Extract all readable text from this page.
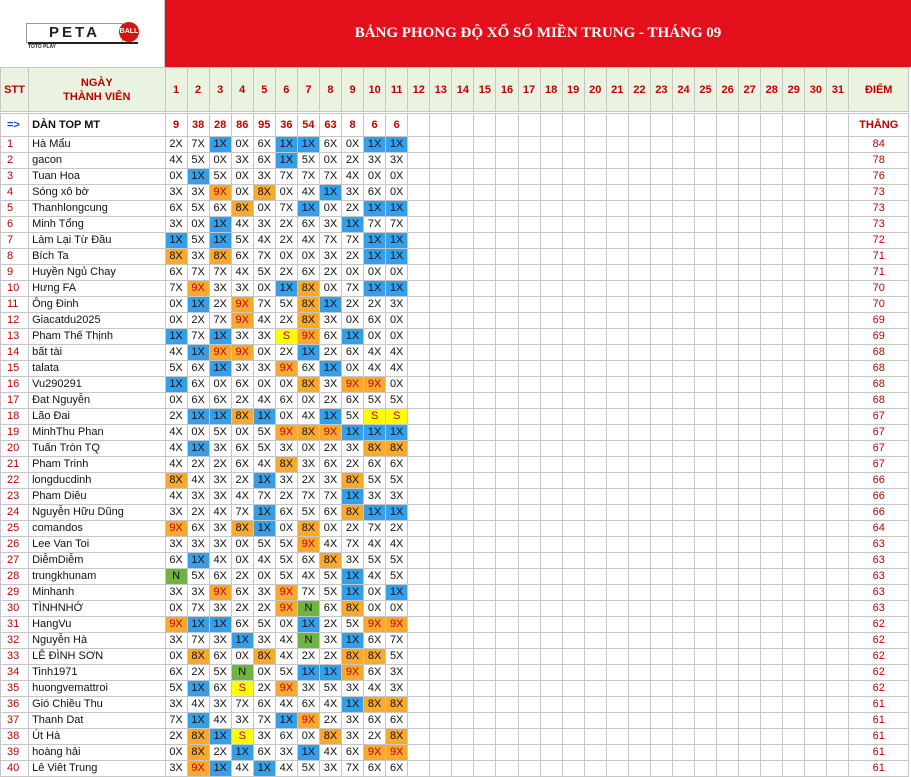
PETA	BALL
TOTO PLAY
BẢNG PHONG ĐỘ XỔ SỐ MIỀN TRUNG - THÁNG 09
STT	NGÀY
THÀNH VIÊN	1	2	3	4	5	6	7	8	9	10	11	12	13	14	15	16	17	18	19	20	21	22	23	24	25	26	27	28	29	30	31	ĐIỂM

=>	DÀN TOP MT	9	38	28	86	95	36	54	63	8	6	6																					THẮNG
1	Hà Mẩu	2X	7X	1X	0X	6X	1X	1X	6X	0X	1X	1X																					84
2	gacon	4X	5X	0X	3X	6X	1X	5X	0X	2X	3X	3X																					78
3	Tuan Hoa	0X	1X	5X	0X	3X	7X	7X	7X	4X	0X	0X																					76
4	Sóng xô bờ	3X	3X	9X	0X	8X	0X	4X	1X	3X	6X	0X																					73
5	Thanhlongcung	6X	5X	6X	8X	0X	7X	1X	0X	2X	1X	1X																					73
6	Minh Tổng	3X	0X	1X	4X	3X	2X	6X	3X	1X	7X	7X																					73
7	Làm Lại Từ Đầu	1X	5X	1X	5X	4X	2X	4X	7X	7X	1X	1X																					72
8	Bích Ta	8X	3X	8X	6X	7X	0X	0X	3X	2X	1X	1X																					71
9	Huyền Ngủ Chay	6X	7X	7X	4X	5X	2X	6X	2X	0X	0X	0X																					71
10	Hưng FA	7X	9X	3X	3X	0X	1X	8X	0X	7X	1X	1X																					70
11	Ông Đinh	0X	1X	2X	9X	7X	5X	8X	1X	2X	2X	3X																					70
12	Giacatdu2025	0X	2X	7X	9X	4X	2X	8X	3X	0X	6X	0X																					69
13	Pham Thế Thịnh	1X	7X	1X	3X	3X	S	9X	6X	1X	0X	0X																					69
14	bất tài	4X	1X	9X	9X	0X	2X	1X	2X	6X	4X	4X																					68
15	talata	5X	6X	1X	3X	3X	9X	6X	1X	0X	4X	4X																					68
16	Vu290291	1X	6X	0X	6X	0X	0X	8X	3X	9X	9X	0X																					68
17	Đat Nguyễn	0X	6X	6X	2X	4X	6X	0X	2X	6X	5X	5X																					68
18	Lão Đai	2X	1X	1X	8X	1X	0X	4X	1X	5X	S	S																					67
19	MinhThu Phan	4X	0X	5X	0X	5X	9X	8X	9X	1X	1X	1X																					67
20	Tuấn Tròn TQ	4X	1X	3X	6X	5X	3X	0X	2X	3X	8X	8X																					67
21	Pham Trinh	4X	2X	2X	6X	4X	8X	3X	6X	2X	6X	6X																					67
22	longducdinh	8X	4X	3X	2X	1X	3X	2X	3X	8X	5X	5X																					66
23	Pham Diêu	4X	3X	3X	4X	7X	2X	7X	7X	1X	3X	3X																					66
24	Nguyễn Hữu Dũng	3X	2X	4X	7X	1X	6X	5X	6X	8X	1X	1X																					66
25	comandos	9X	6X	3X	8X	1X	0X	8X	0X	2X	7X	2X																					64
26	Lee Van Toi	3X	3X	3X	0X	5X	5X	9X	4X	7X	4X	4X																					63
27	DiễmDiễm	6X	1X	4X	0X	4X	5X	6X	8X	3X	5X	5X																					63
28	trungkhunam	N	5X	6X	2X	0X	5X	4X	5X	1X	4X	5X																					63
29	Minhanh	3X	3X	9X	6X	3X	9X	7X	5X	1X	0X	1X																					63
30	TÌNHNHỚ	0X	7X	3X	2X	2X	9X	N	6X	8X	0X	0X																					63
31	HangVu	9X	1X	1X	6X	5X	0X	1X	2X	5X	9X	9X																					62
32	Nguyễn Hà	3X	7X	3X	1X	3X	4X	N	3X	1X	6X	7X																					62
33	LÊ ĐÌNH SƠN	0X	8X	6X	0X	8X	4X	2X	2X	8X	8X	5X																					62
34	Tinh1971	6X	2X	5X	N	0X	5X	1X	1X	9X	6X	3X																					62
35	huongvemattroi	5X	1X	6X	S	2X	9X	3X	5X	3X	4X	3X																					62
36	Gió Chiều Thu	3X	4X	3X	7X	6X	4X	6X	4X	1X	8X	8X																					61
37	Thanh Dat	7X	1X	4X	3X	7X	1X	9X	2X	3X	6X	6X																					61
38	Út Hà	2X	8X	1X	S	3X	6X	0X	8X	3X	2X	8X																					61
39	hoàng hải	0X	8X	2X	1X	6X	3X	1X	4X	6X	9X	9X																					61
40	Lê Viêt Trung	3X	9X	1X	4X	1X	4X	5X	3X	7X	6X	6X																					61
